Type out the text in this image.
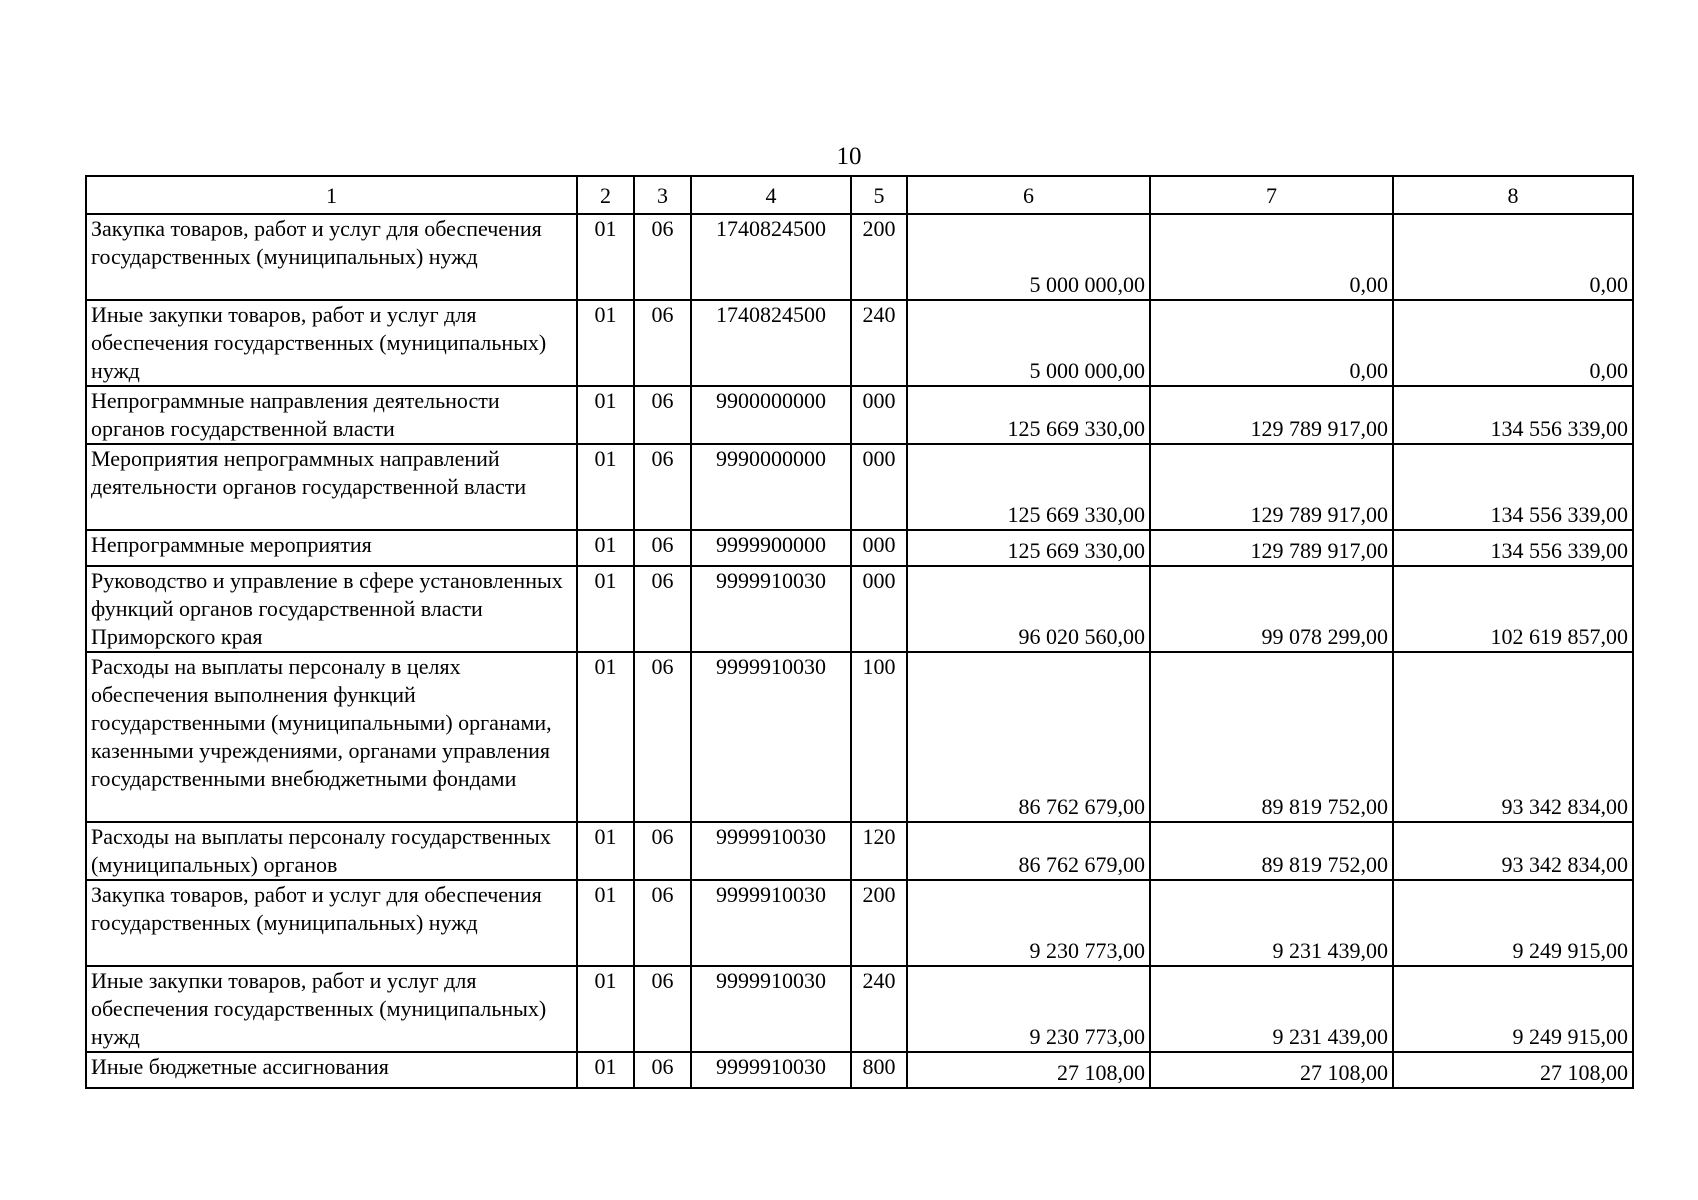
10
1	2	3	4	5	6	7	8
Закупка товаров, работ и услуг для обеспечения государственных (муниципальных) нужд	01	06	1740824500	200	5 000 000,00	0,00	0,00
Иные закупки товаров, работ и услуг для обеспечения государственных (муниципальных) нужд	01	06	1740824500	240	5 000 000,00	0,00	0,00
Непрограммные направления деятельности органов государственной власти	01	06	9900000000	000	125 669 330,00	129 789 917,00	134 556 339,00
Мероприятия непрограммных направлений деятельности органов государственной власти	01	06	9990000000	000	125 669 330,00	129 789 917,00	134 556 339,00
Непрограммные мероприятия	01	06	9999900000	000	125 669 330,00	129 789 917,00	134 556 339,00
Руководство и управление в сфере установленных функций органов государственной власти Приморского края	01	06	9999910030	000	96 020 560,00	99 078 299,00	102 619 857,00
Расходы на выплаты персоналу в целях обеспечения выполнения функций государственными (муниципальными) органами, казенными учреждениями, органами управления государственными внебюджетными фондами	01	06	9999910030	100	86 762 679,00	89 819 752,00	93 342 834,00
Расходы на выплаты персоналу государственных (муниципальных) органов	01	06	9999910030	120	86 762 679,00	89 819 752,00	93 342 834,00
Закупка товаров, работ и услуг для обеспечения государственных (муниципальных) нужд	01	06	9999910030	200	9 230 773,00	9 231 439,00	9 249 915,00
Иные закупки товаров, работ и услуг для обеспечения государственных (муниципальных) нужд	01	06	9999910030	240	9 230 773,00	9 231 439,00	9 249 915,00
Иные бюджетные ассигнования	01	06	9999910030	800	27 108,00	27 108,00	27 108,00
